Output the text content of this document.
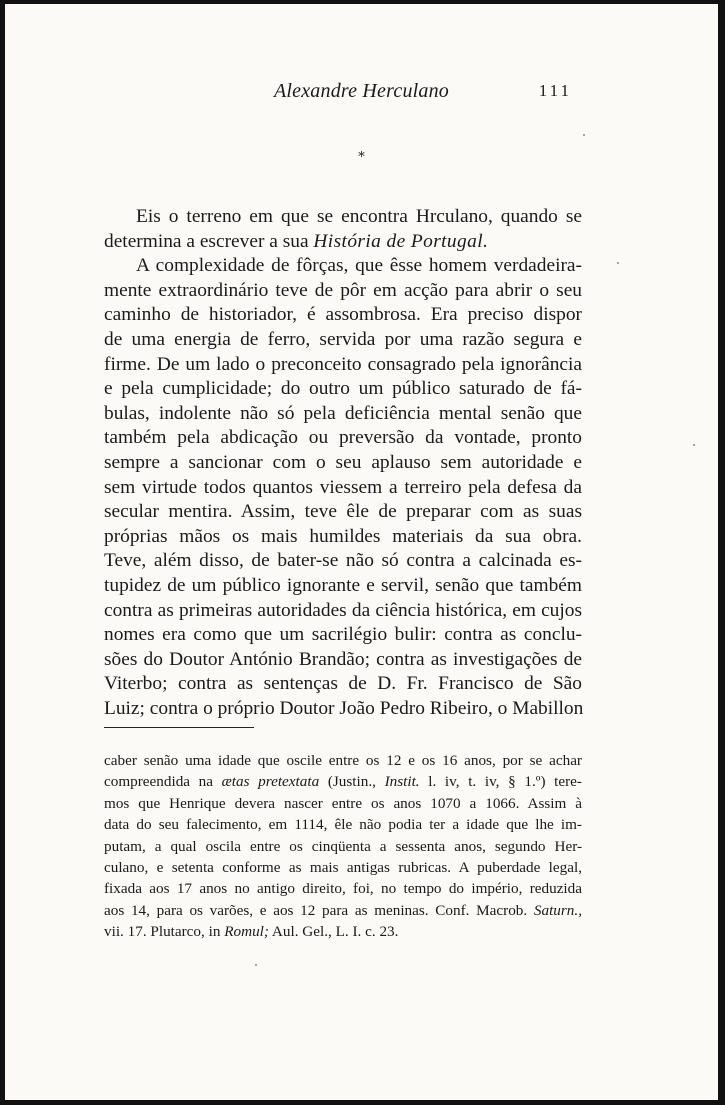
Alexandre Herculano	111
*
Eis o terreno em que se encontra Hrculano, quando se
determina a escrever a sua História de Portugal.
A complexidade de fôrças, que êsse homem verdadeira-
mente extraordinário teve de pôr em acção para abrir o seu
caminho de historiador, é assombrosa. Era preciso dispor
de uma energia de ferro, servida por uma razão segura e
firme. De um lado o preconceito consagrado pela ignorância
e pela cumplicidade; do outro um público saturado de fá-
bulas, indolente não só pela deficiência mental senão que
também pela abdicação ou preversão da vontade, pronto
sempre a sancionar com o seu aplauso sem autoridade e
sem virtude todos quantos viessem a terreiro pela defesa da
secular mentira. Assim, teve êle de preparar com as suas
próprias mãos os mais humildes materiais da sua obra.
Teve, além disso, de bater-se não só contra a calcinada es-
tupidez de um público ignorante e servil, senão que também
contra as primeiras autoridades da ciência histórica, em cujos
nomes era como que um sacrilégio bulir: contra as conclu-
sões do Doutor António Brandão; contra as investigações de
Viterbo; contra as sentenças de D. Fr. Francisco de São
Luiz; contra o próprio Doutor João Pedro Ribeiro, o Mabillon
caber senão uma idade que oscile entre os 12 e os 16 anos, por se achar
compreendida na ætas pretextata (Justin., Instit. l. iv, t. iv, § 1.º) tere-
mos que Henrique devera nascer entre os anos 1070 a 1066. Assim à
data do seu falecimento, em 1114, êle não podia ter a idade que lhe im-
putam, a qual oscila entre os cinqüenta a sessenta anos, segundo Her-
culano, e setenta conforme as mais antigas rubricas. A puberdade legal,
fixada aos 17 anos no antigo direito, foi, no tempo do império, reduzida
aos 14, para os varões, e aos 12 para as meninas. Conf. Macrob. Saturn.,
vii. 17. Plutarco, in Romul; Aul. Gel., L. I. c. 23.
